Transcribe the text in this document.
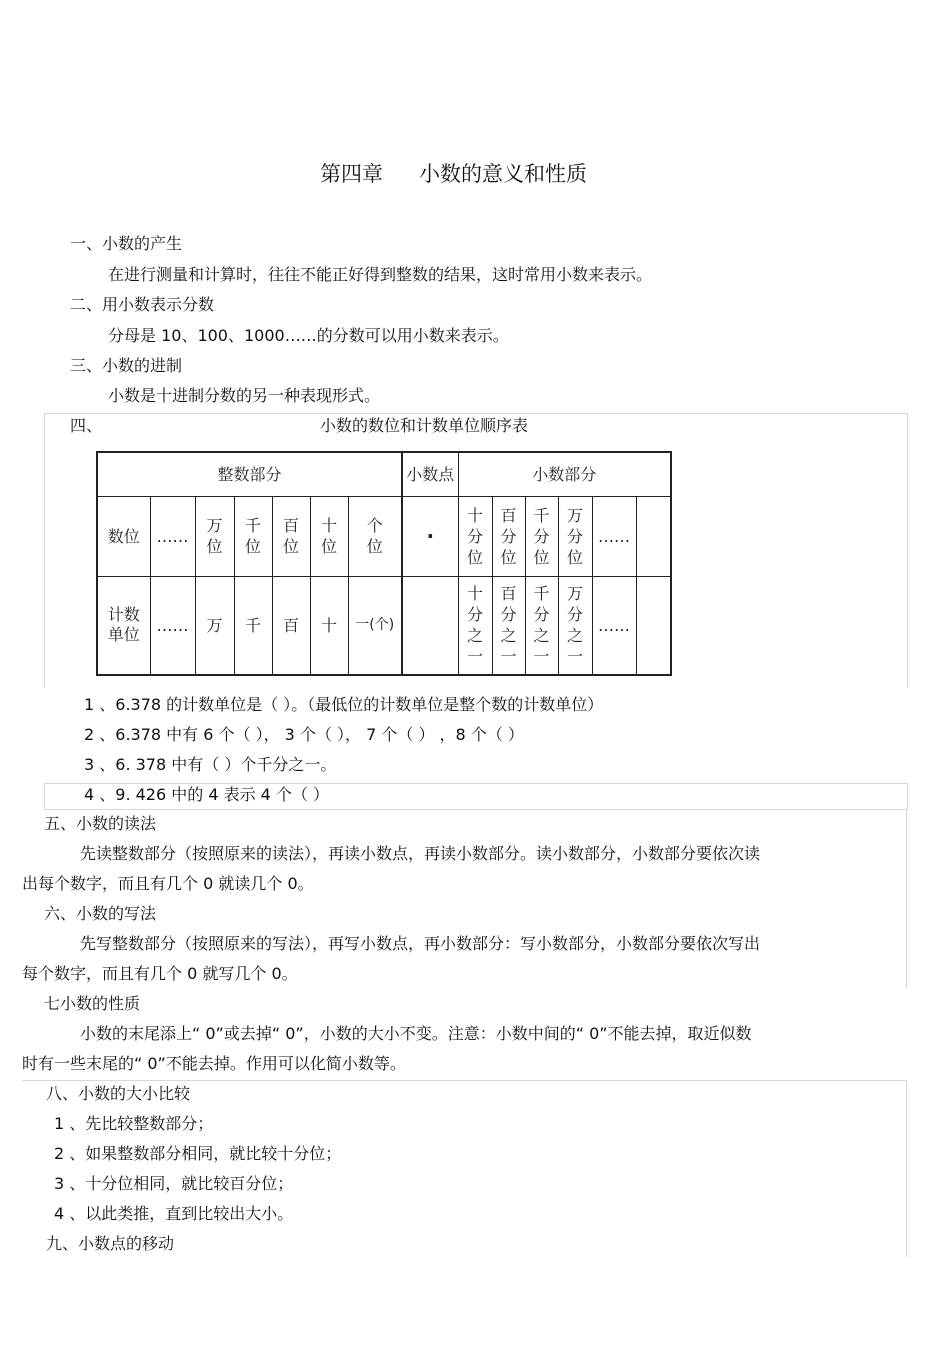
第四章 小数的意义和性质
一、小数的产生
在进行测量和计算时，往往不能正好得到整数的结果，这时常用小数来表示。
二、用小数表示分数
分母是 10、100、1000……的分数可以用小数来表示。
三、小数的进制
小数是十进制分数的另一种表现形式。
四、	小数的数位和计数单位顺序表
整数部分							小数点	小数部分					
数位	……	万位	千位	百位	十位	个位	·	十分位	百分位	千分位	万分位	……	

计数单位	……	万	千	百	十	一(个)		十分之一	百分之一	千分之一	万分之一	……	
1 、6.378 的计数单位是（ ）。（最低位的计数单位是整个数的计数单位）
2 、6.378 中有 6 个（ ）， 3 个（ ）， 7 个（ ） ，8 个（ ）
3 、6. 378 中有（ ）个千分之一。
4 、9. 426 中的 4 表示 4 个（ ）
五、小数的读法
先读整数部分（按照原来的读法），再读小数点，再读小数部分。读小数部分，小数部分要依次读
出每个数字，而且有几个 0 就读几个 0。
六、小数的写法
先写整数部分（按照原来的写法），再写小数点，再小数部分：写小数部分，小数部分要依次写出
每个数字，而且有几个 0 就写几个 0。
七小数的性质
小数的末尾添上“ 0”或去掉“ 0”，小数的大小不变。注意：小数中间的“ 0”不能去掉，取近似数
时有一些末尾的“ 0”不能去掉。作用可以化简小数等。
八、小数的大小比较
1 、先比较整数部分；
2 、如果整数部分相同，就比较十分位；
3 、十分位相同，就比较百分位；
4 、以此类推，直到比较出大小。
九、小数点的移动
